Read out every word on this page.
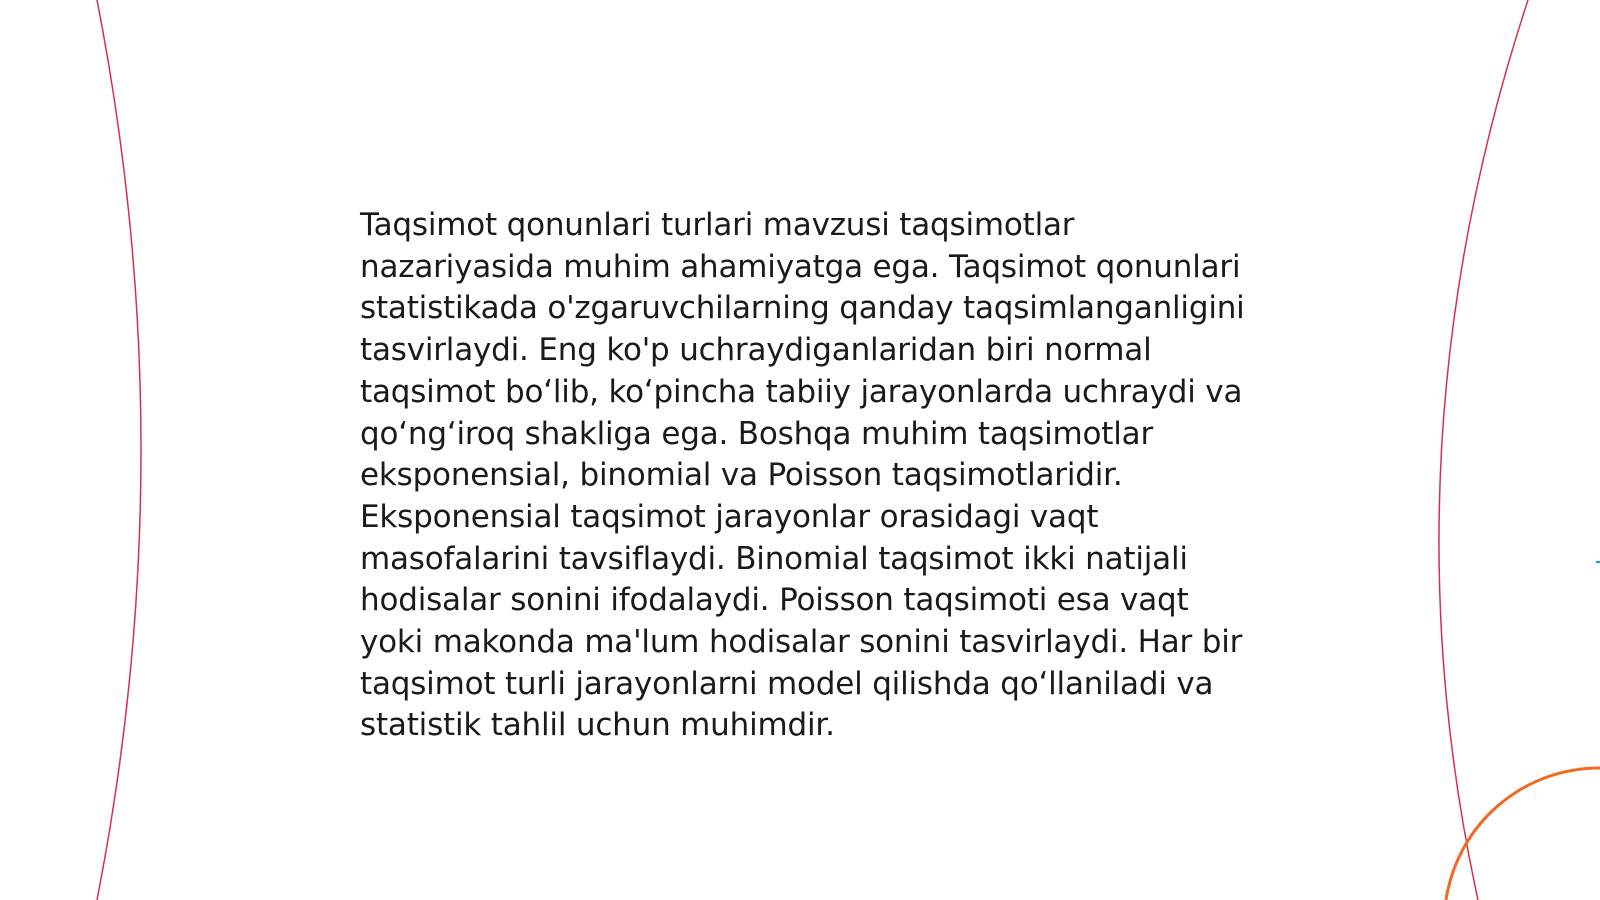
Taqsimot qonunlari turlari mavzusi taqsimotlar nazariyasida muhim ahamiyatga ega. Taqsimot qonunlari statistikada o'zgaruvchilarning qanday taqsimlanganligini tasvirlaydi. Eng ko'p uchraydiganlaridan biri normal taqsimot bo‘lib, ko‘pincha tabiiy jarayonlarda uchraydi va qo‘ng‘iroq shakliga ega. Boshqa muhim taqsimotlar eksponensial, binomial va Poisson taqsimotlaridir. Eksponensial taqsimot jarayonlar orasidagi vaqt masofalarini tavsiflaydi. Binomial taqsimot ikki natijali hodisalar sonini ifodalaydi. Poisson taqsimoti esa vaqt yoki makonda ma'lum hodisalar sonini tasvirlaydi. Har bir taqsimot turli jarayonlarni model qilishda qo‘llaniladi va statistik tahlil uchun muhimdir.
